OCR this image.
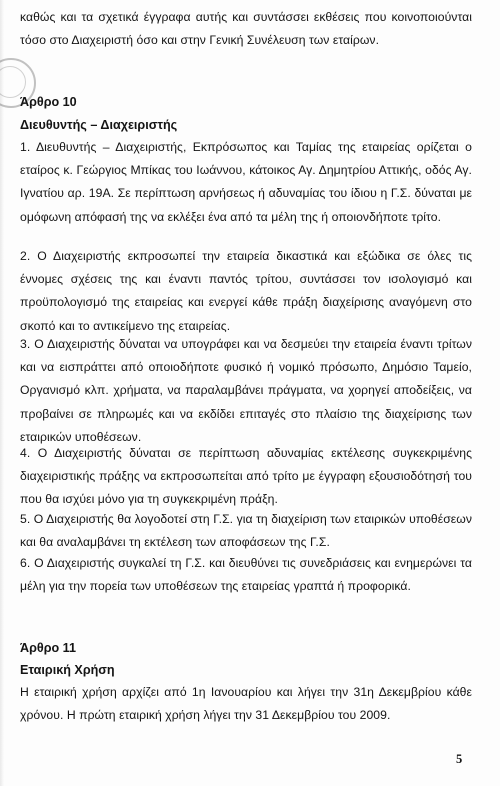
καθώς και τα σχετικά έγγραφα αυτής και συντάσσει εκθέσεις που κοινοποιούνται τόσο στο Διαχειριστή όσο και στην Γενική Συνέλευση των εταίρων.

Άρθρο 10
Διευθυντής – Διαχειριστής

1. Διευθυντής – Διαχειριστής, Εκπρόσωπος και Ταμίας της εταιρείας ορίζεται ο εταίρος κ. Γεώργιος Μπίκας του Ιωάννου, κάτοικος Αγ. Δημητρίου Αττικής, οδός Αγ. Ιγνατίου αρ. 19Α. Σε περίπτωση αρνήσεως ή αδυναμίας του ίδιου η Γ.Σ. δύναται με ομόφωνη απόφασή της να εκλέξει ένα από τα μέλη της ή οποιονδήποτε τρίτο.

2. Ο Διαχειριστής εκπροσωπεί την εταιρεία δικαστικά και εξώδικα σε όλες τις έννομες σχέσεις της και έναντι παντός τρίτου, συντάσσει τον ισολογισμό και προϋπολογισμό της εταιρείας και ενεργεί κάθε πράξη διαχείρισης αναγόμενη στο σκοπό και το αντικείμενο της εταιρείας.

3. Ο Διαχειριστής δύναται να υπογράφει και να δεσμεύει την εταιρεία έναντι τρίτων και να εισπράττει από οποιοδήποτε φυσικό ή νομικό πρόσωπο, Δημόσιο Ταμείο, Οργανισμό κλπ. χρήματα, να παραλαμβάνει πράγματα, να χορηγεί αποδείξεις, να προβαίνει σε πληρωμές και να εκδίδει επιταγές στο πλαίσιο της διαχείρισης των εταιρικών υποθέσεων.

4. Ο Διαχειριστής δύναται σε περίπτωση αδυναμίας εκτέλεσης συγκεκριμένης διαχειριστικής πράξης να εκπροσωπείται από τρίτο με έγγραφη εξουσιοδότησή του που θα ισχύει μόνο για τη συγκεκριμένη πράξη.

5. Ο Διαχειριστής θα λογοδοτεί στη Γ.Σ. για τη διαχείριση των εταιρικών υποθέσεων και θα αναλαμβάνει τη εκτέλεση των αποφάσεων της Γ.Σ.

6. Ο Διαχειριστής συγκαλεί τη Γ.Σ. και διευθύνει τις συνεδριάσεις και ενημερώνει τα μέλη για την πορεία των υποθέσεων της εταιρείας γραπτά ή προφορικά.

Άρθρο 11
Εταιρική Χρήση

Η εταιρική χρήση αρχίζει από 1η Ιανουαρίου και λήγει την 31η Δεκεμβρίου κάθε χρόνου. Η πρώτη εταιρική χρήση λήγει την 31 Δεκεμβρίου του 2009.

5
